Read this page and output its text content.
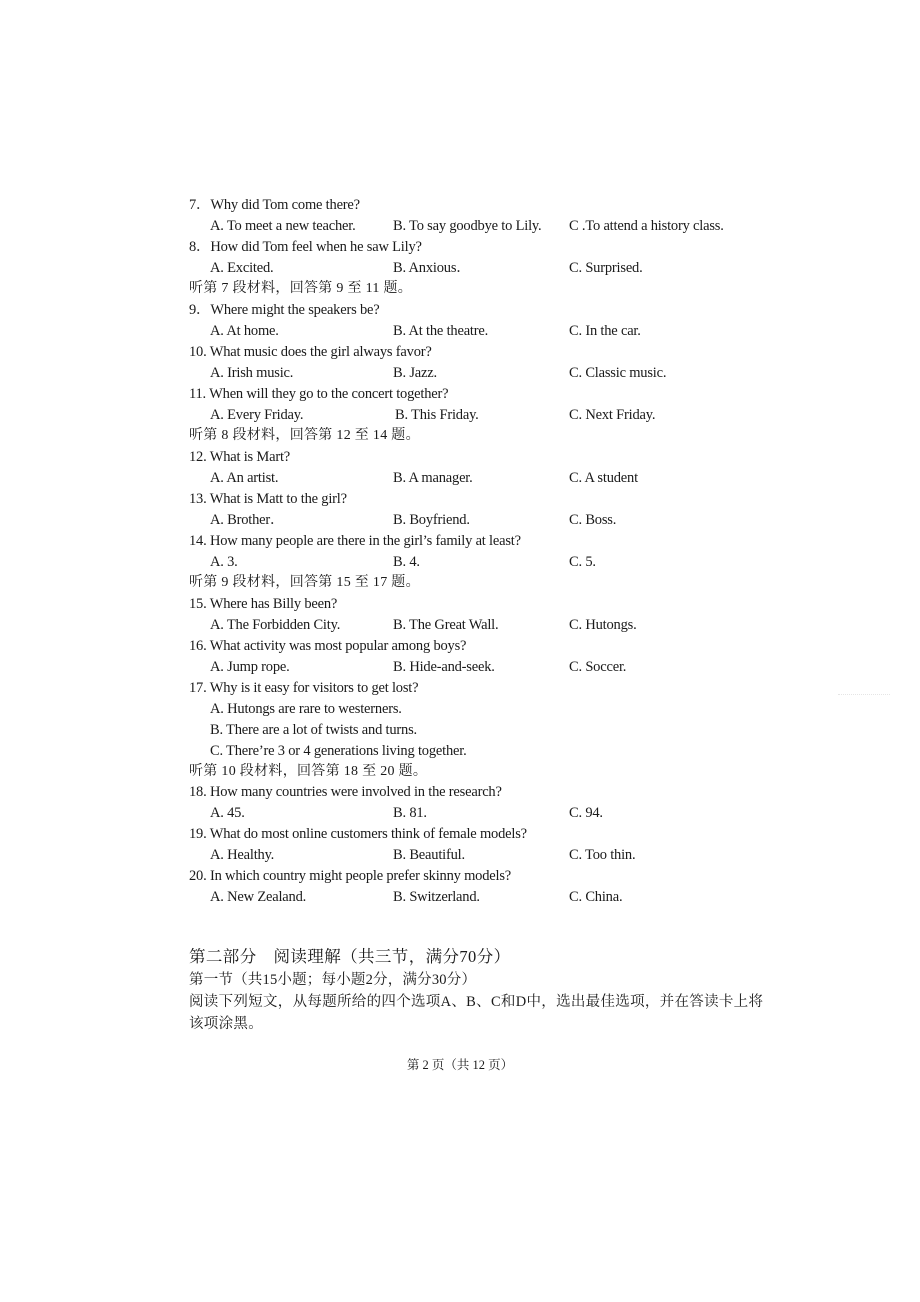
7．Why did Tom come there?
A. To meet a new teacher.	B. To say goodbye to Lily. C .To attend a history class.
8．How did Tom feel when he saw Lily?
A. Excited.	B. Anxious．	C. Surprised.
听第 7 段材料，回答第 9 至 11 题。
9．Where might the speakers be?
A. At home.	B. At the theatre.	C. In the car.
10. What music does the girl always favor?
A. Irish music.	B. Jazz.	C. Classic music.
11. When will they go to the concert together?
A. Every Friday.	B. This Friday.	C. Next Friday.
听第 8 段材料，回答第 12 至 14 题。
12. What is Mart?
A. An artist.	B. A manager.	C. A student
13. What is Matt to the girl?
A. Brother．	B. Boyfriend.	C. Boss.
14. How many people are there in the girl’s family at least?
A. 3.	B. 4.	C. 5.
听第 9 段材料，回答第 15 至 17 题。
15. Where has Billy been?
A. The Forbidden City.	B. The Great Wall.	C. Hutongs.
16. What activity was most popular among boys?
A. Jump rope.	B. Hide-and-seek.	C. Soccer.
17. Why is it easy for visitors to get lost?
A. Hutongs are rare to westerners.
B. There are a lot of twists and turns.
C. There’re 3 or 4 generations living together.
听第 10 段材料，回答第 18 至 20 题。
18. How many countries were involved in the research?
A. 45.	B. 81.	C. 94.
19. What do most online customers think of female models?
A. Healthy.	B. Beautiful.	C. Too thin.
20. In which country might people prefer skinny models?
A. New Zealand.	B. Switzerland.	C. China.
第二部分　阅读理解（共三节，满分70分）
第一节（共15小题；每小题2分，满分30分）
阅读下列短文，从每题所给的四个选项A、B、C和D中，选出最佳选项，并在答读卡上将
该项涂黑。
第 2 页（共 12 页）
